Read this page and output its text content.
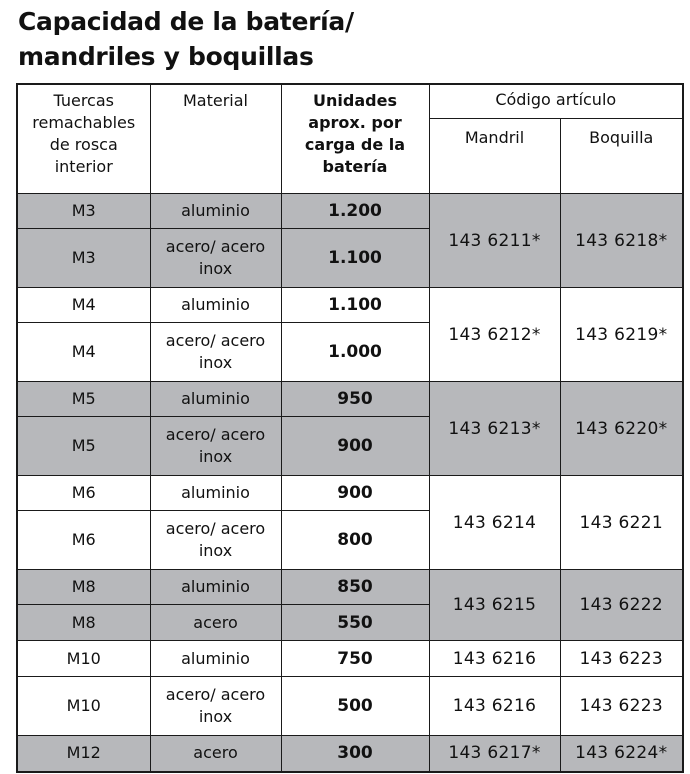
Capacidad de la batería/
mandriles y boquillas
Tuercas remachables de rosca interior	Material	Unidades aprox. por carga de la batería	Código artículo	
			Mandril	Boquilla
M3	aluminio	1.200	143 6211*	143 6218*
M3	acero/ acero inox	1.100		
M4	aluminio	1.100	143 6212*	143 6219*
M4	acero/ acero inox	1.000		
M5	aluminio	950	143 6213*	143 6220*
M5	acero/ acero inox	900		
M6	aluminio	900	143 6214	143 6221
M6	acero/ acero inox	800		
M8	aluminio	850	143 6215	143 6222
M8	acero	550		
M10	aluminio	750	143 6216	143 6223
M10	acero/ acero inox	500	143 6216	143 6223
M12	acero	300	143 6217*	143 6224*
